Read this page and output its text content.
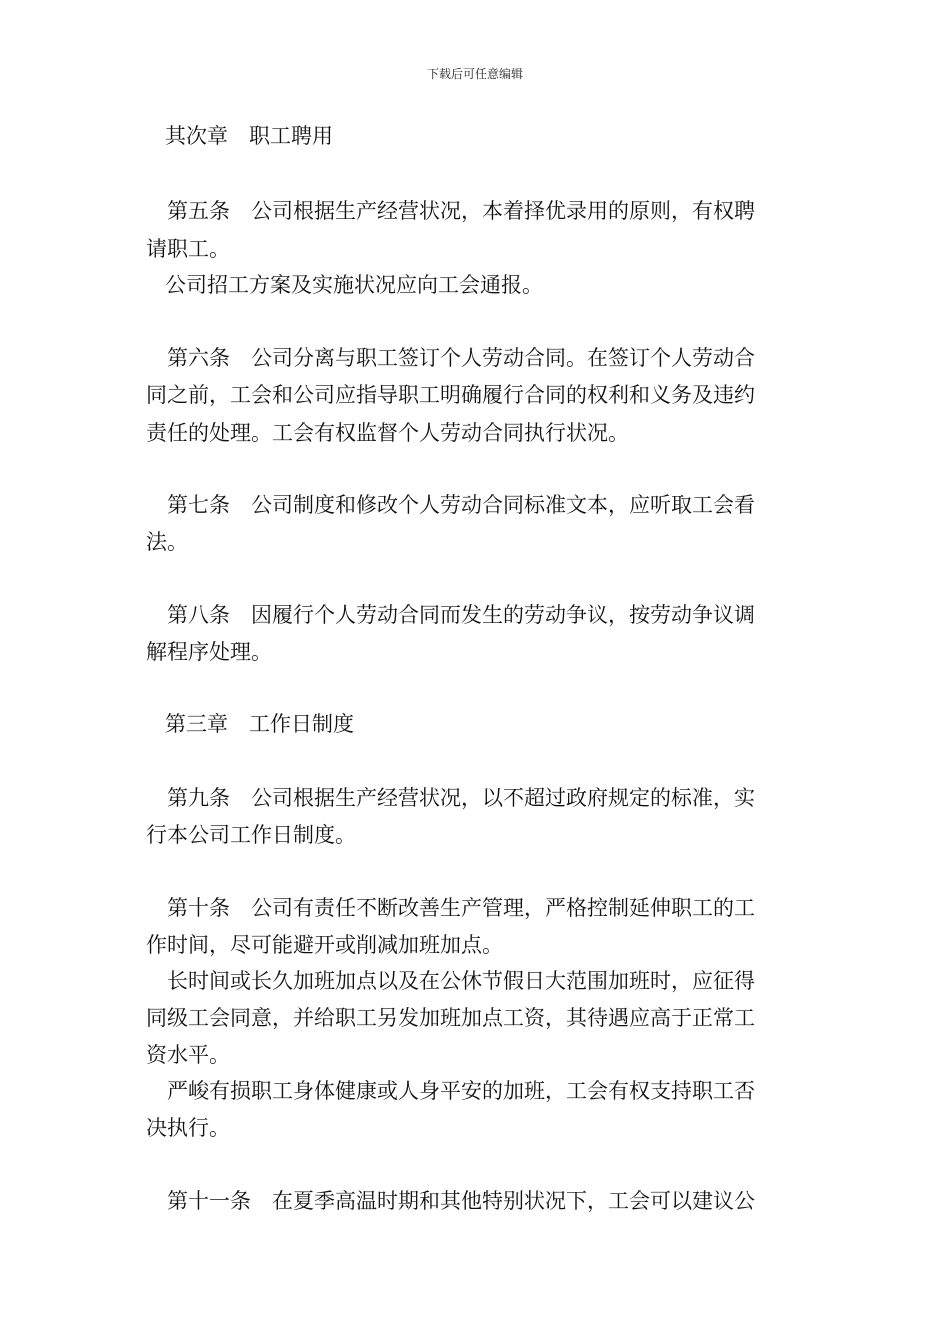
下载后可任意编辑
其次章　职工聘用
第五条　公司根据生产经营状况，本着择优录用的原则，有权聘
请职工。
公司招工方案及实施状况应向工会通报。
第六条　公司分离与职工签订个人劳动合同。在签订个人劳动合
同之前，工会和公司应指导职工明确履行合同的权利和义务及违约
责任的处理。工会有权监督个人劳动合同执行状况。
第七条　公司制度和修改个人劳动合同标准文本，应听取工会看
法。
第八条　因履行个人劳动合同而发生的劳动争议，按劳动争议调
解程序处理。
第三章　工作日制度
第九条　公司根据生产经营状况，以不超过政府规定的标准，实
行本公司工作日制度。
第十条　公司有责任不断改善生产管理，严格控制延伸职工的工
作时间，尽可能避开或削减加班加点。
长时间或长久加班加点以及在公休节假日大范围加班时，应征得
同级工会同意，并给职工另发加班加点工资，其待遇应高于正常工
资水平。
严峻有损职工身体健康或人身平安的加班，工会有权支持职工否
决执行。
第十一条　在夏季高温时期和其他特别状况下，工会可以建议公
